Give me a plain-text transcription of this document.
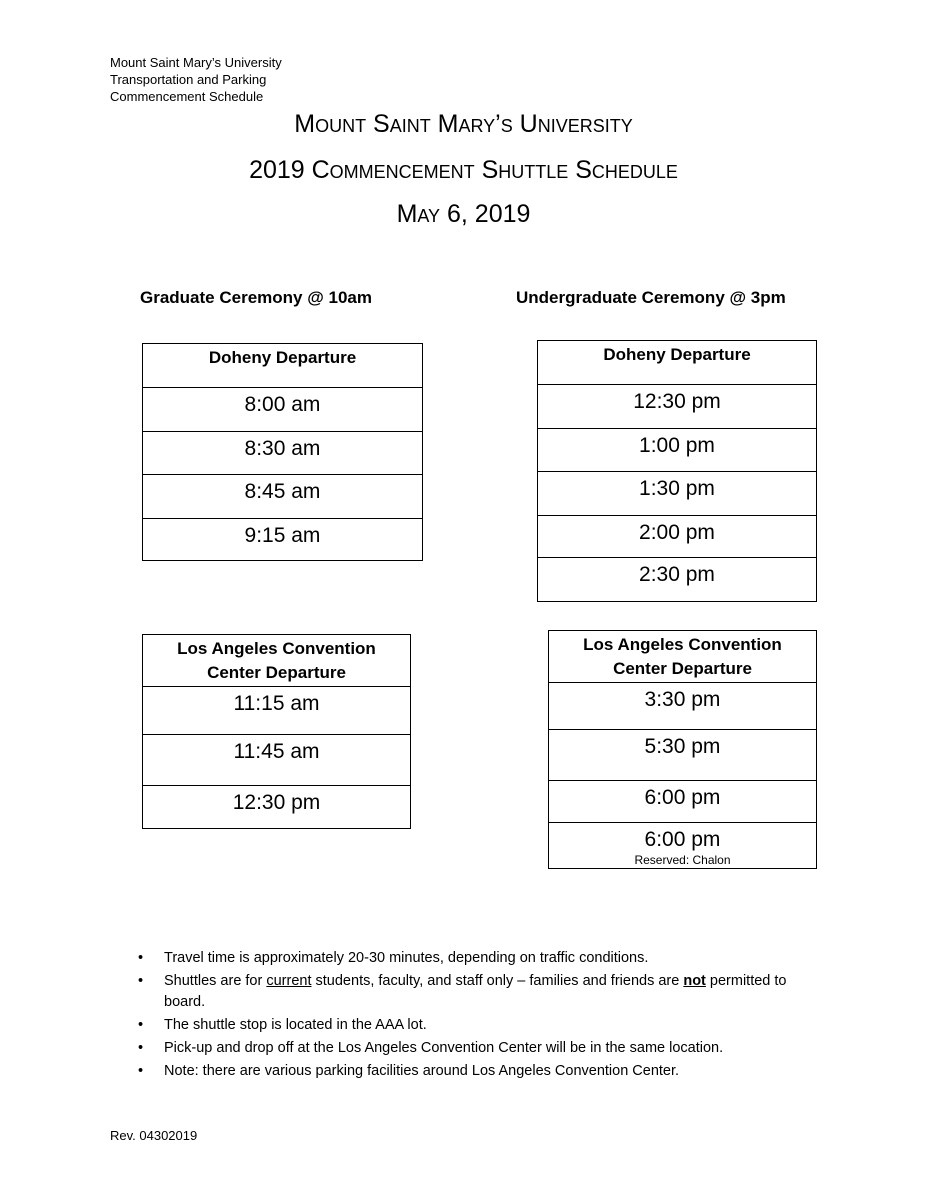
Mount Saint Mary’s University
Transportation and Parking
Commencement Schedule
Mount Saint Mary’s University
2019 Commencement Shuttle Schedule
May 6, 2019
Graduate Ceremony @ 10am	Undergraduate Ceremony @ 3pm
Doheny Departure
8:00 am
8:30 am
8:45 am
9:15 am
Doheny Departure
12:30 pm
1:00 pm
1:30 pm
2:00 pm
2:30 pm
Los Angeles Convention
Center Departure

11:15 am
11:45 am
12:30 pm
Los Angeles Convention
Center Departure

3:30 pm
5:30 pm
6:00 pm

6:00 pm
Reserved: Chalon
• Travel time is approximately 20-30 minutes, depending on traffic conditions.
• Shuttles are for current students, faculty, and staff only – families and friends are not permitted to board.
• The shuttle stop is located in the AAA lot.
• Pick-up and drop off at the Los Angeles Convention Center will be in the same location.
• Note: there are various parking facilities around Los Angeles Convention Center.
Rev. 04302019
